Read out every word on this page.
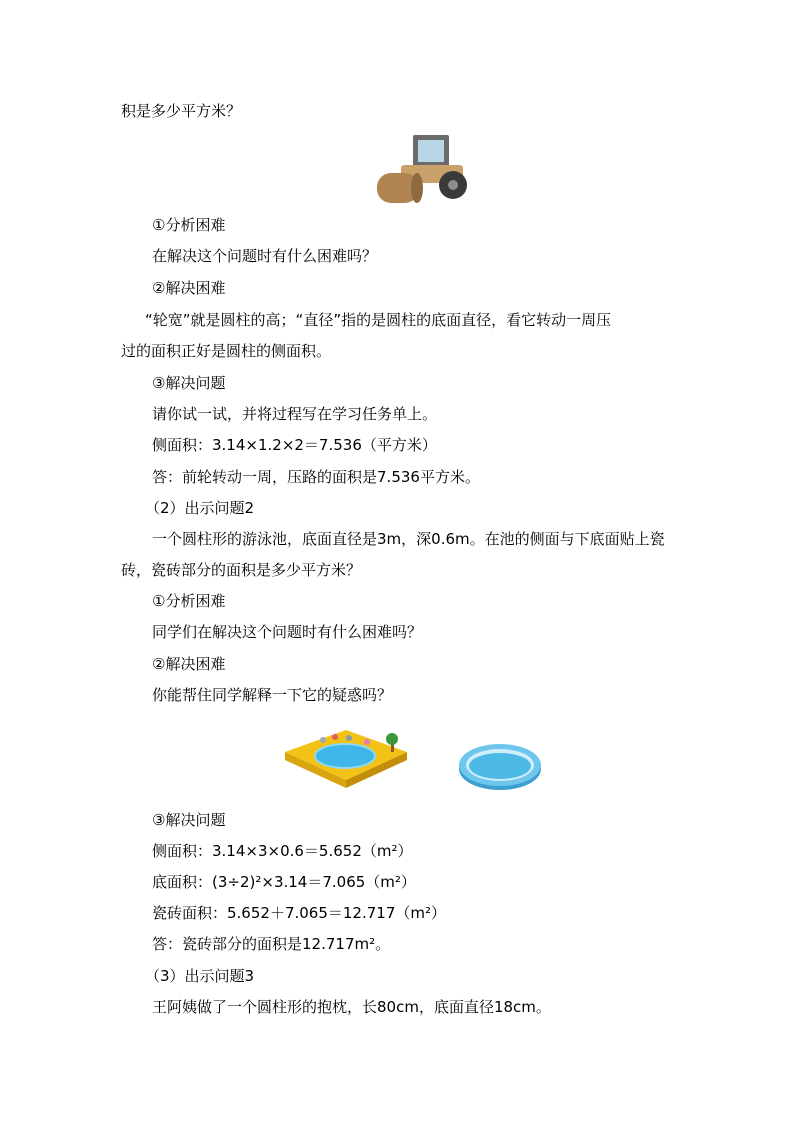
积是多少平方米？
①分析困难
在解决这个问题时有什么困难吗？
②解决困难
“轮宽”就是圆柱的高；“直径”指的是圆柱的底面直径，看它转动一周压
过的面积正好是圆柱的侧面积。
③解决问题
请你试一试，并将过程写在学习任务单上。
侧面积：3.14×1.2×2＝7.536（平方米）
答：前轮转动一周，压路的面积是7.536平方米。
（2）出示问题2
一个圆柱形的游泳池，底面直径是3m，深0.6m。在池的侧面与下底面贴上瓷
砖，瓷砖部分的面积是多少平方米？
①分析困难
同学们在解决这个问题时有什么困难吗？
②解决困难
你能帮住同学解释一下它的疑惑吗？
③解决问题
侧面积：3.14×3×0.6＝5.652（m²）
底面积：(3÷2)²×3.14＝7.065（m²）
瓷砖面积：5.652＋7.065＝12.717（m²）
答：瓷砖部分的面积是12.717m²。
（3）出示问题3
王阿姨做了一个圆柱形的抱枕，长80cm，底面直径18cm。
